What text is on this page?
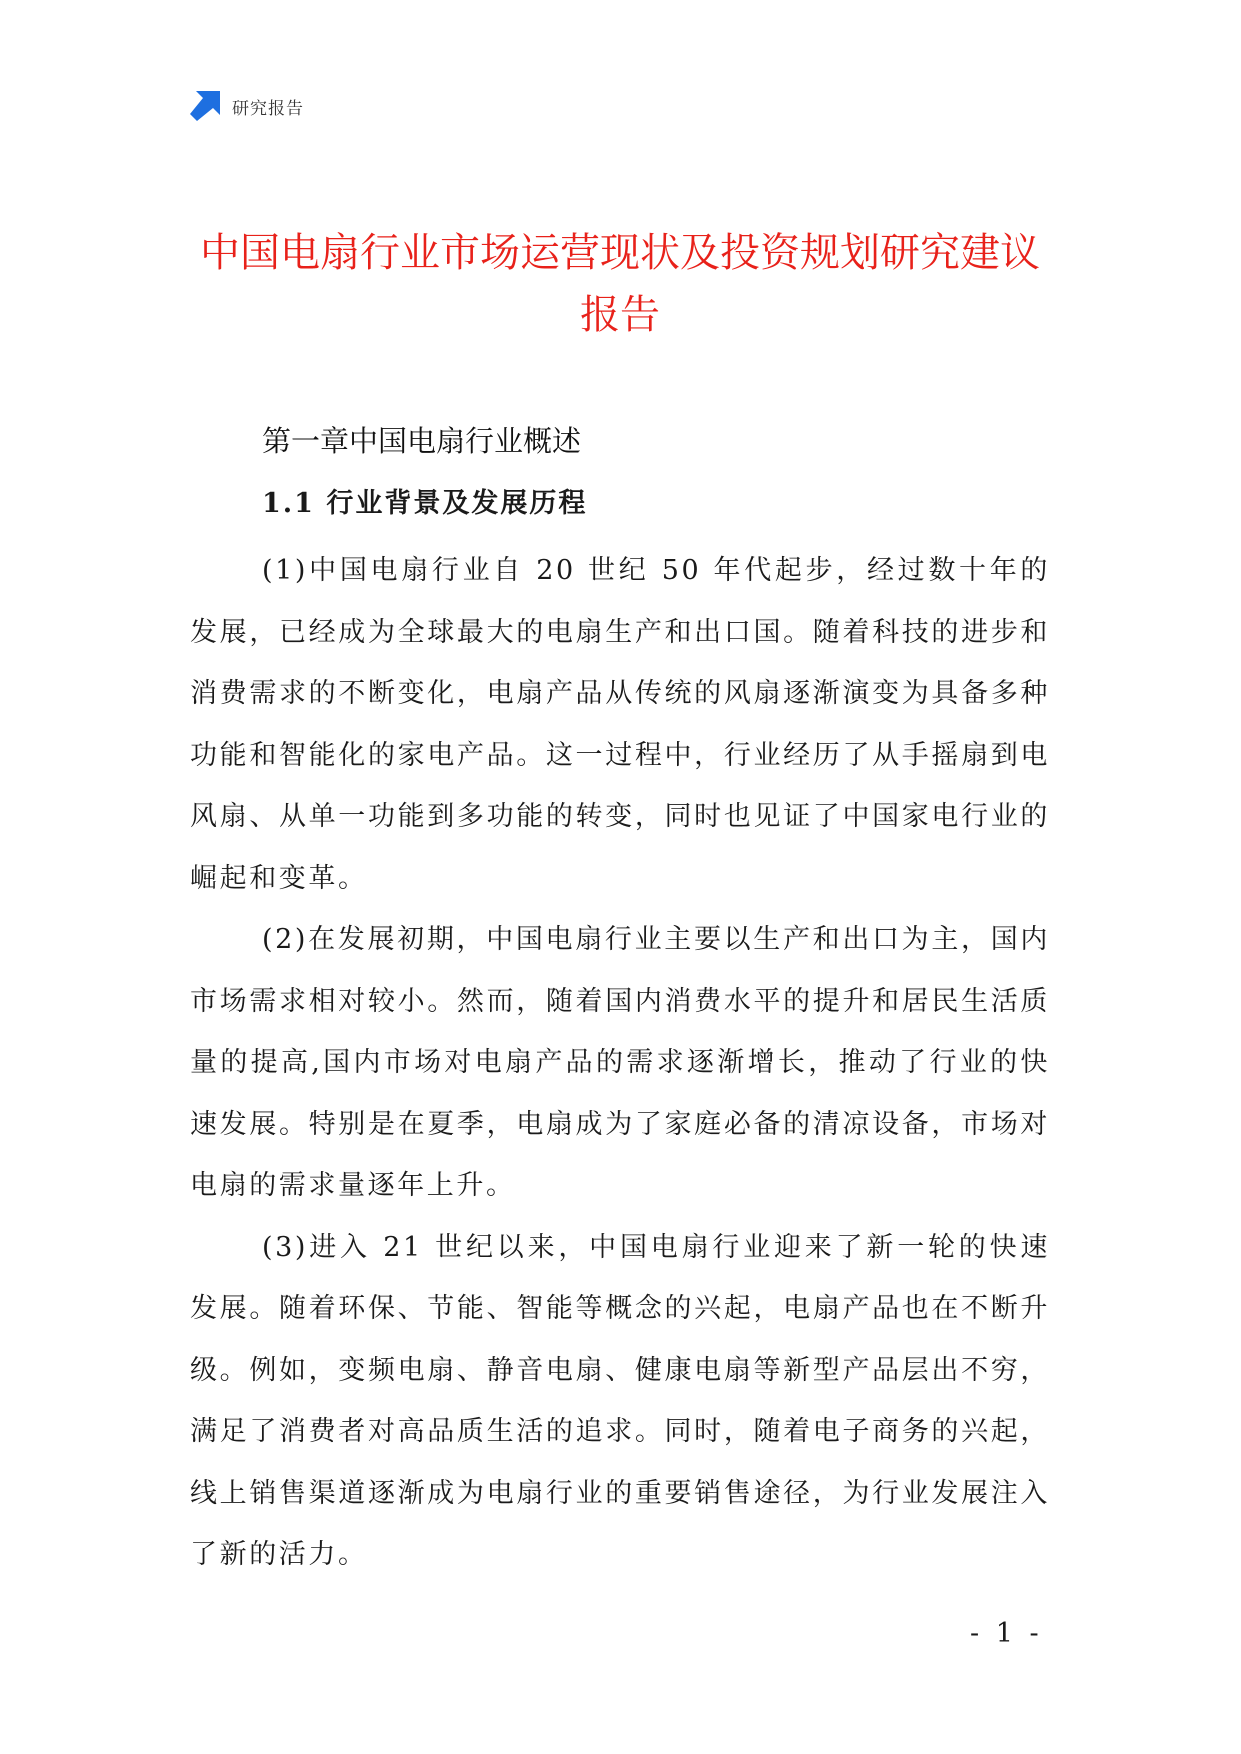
研究报告
中国电扇行业市场运营现状及投资规划研究建议报告
第一章中国电扇行业概述
1.1 行业背景及发展历程

(1)中国电扇行业自 20 世纪 50 年代起步，经过数十年的发展，已经成为全球最大的电扇生产和出口国。随着科技的进步和消费需求的不断变化，电扇产品从传统的风扇逐渐演变为具备多种功能和智能化的家电产品。这一过程中，行业经历了从手摇扇到电风扇、从单一功能到多功能的转变，同时也见证了中国家电行业的崛起和变革。

(2)在发展初期，中国电扇行业主要以生产和出口为主，国内市场需求相对较小。然而，随着国内消费水平的提升和居民生活质量的提高,国内市场对电扇产品的需求逐渐增长，推动了行业的快速发展。特别是在夏季，电扇成为了家庭必备的清凉设备，市场对电扇的需求量逐年上升。

(3)进入 21 世纪以来，中国电扇行业迎来了新一轮的快速发展。随着环保、节能、智能等概念的兴起，电扇产品也在不断升级。例如，变频电扇、静音电扇、健康电扇等新型产品层出不穷，满足了消费者对高品质生活的追求。同时，随着电子商务的兴起，线上销售渠道逐渐成为电扇行业的重要销售途径，为行业发展注入了新的活力。

- 1 -
